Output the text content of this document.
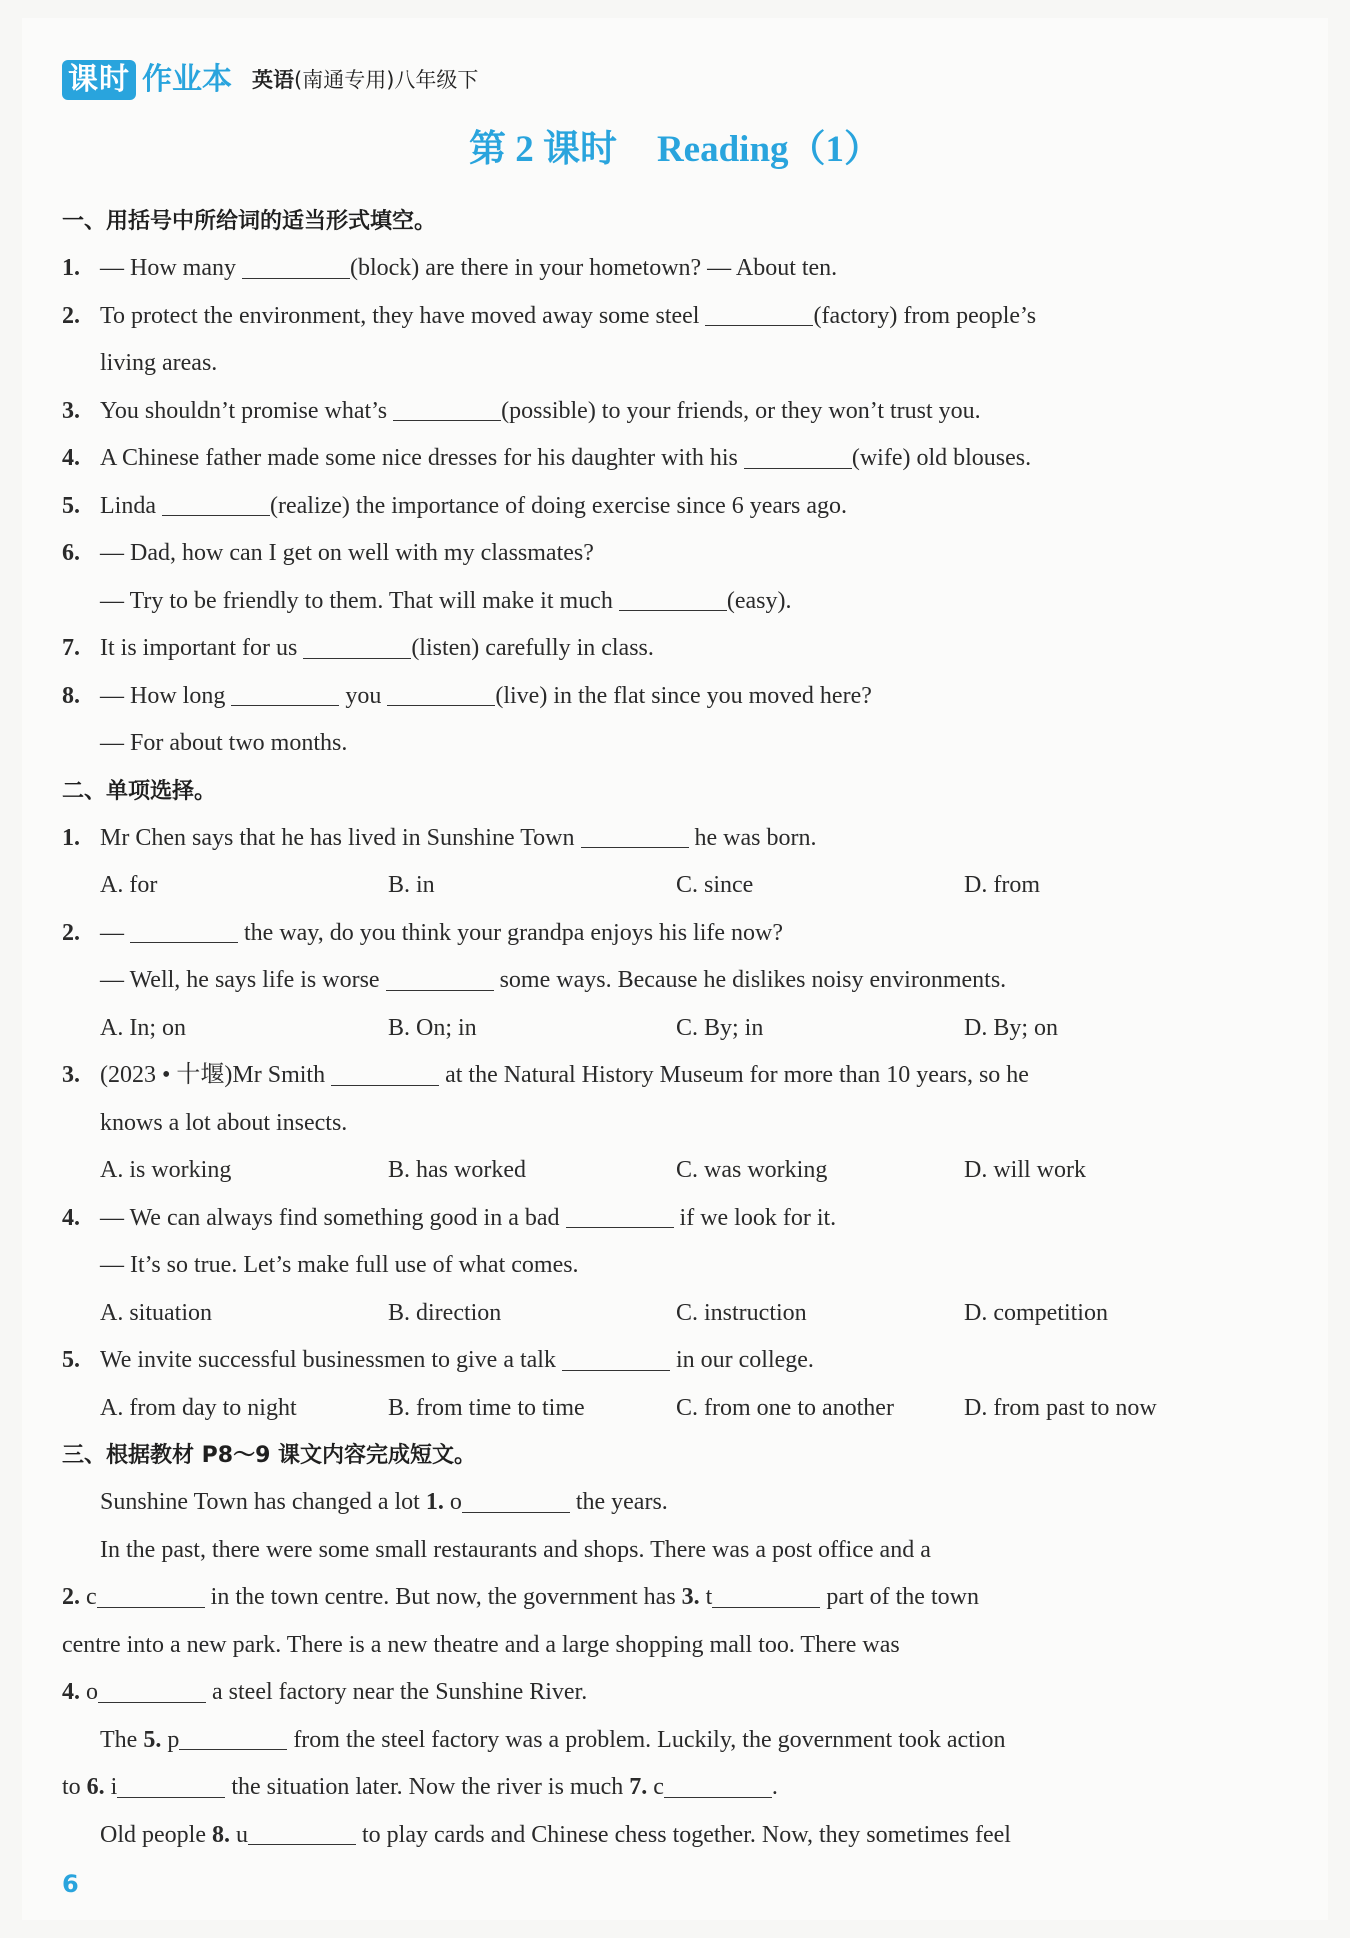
课时 作业本 英语(南通专用)八年级下
第 2 课时 Reading（1）
一、用括号中所给词的适当形式填空。
1. — How many	(block) are there in your hometown? — About ten.
2. To protect the environment, they have moved away some steel	(factory) from people’s
living areas.
3. You shouldn’t promise what’s	(possible) to your friends, or they won’t trust you.
4. A Chinese father made some nice dresses for his daughter with his	(wife) old blouses.
5. Linda	(realize) the importance of doing exercise since 6 years ago.
6. — Dad, how can I get on well with my classmates?
— Try to be friendly to them. That will make it much	(easy).
7. It is important for us	(listen) carefully in class.
8. — How long	you	(live) in the flat since you moved here?
— For about two months.
二、单项选择。
1. Mr Chen says that he has lived in Sunshine Town	he was born.
A. for	B. in	C. since	D. from
2. —	the way, do you think your grandpa enjoys his life now?
— Well, he says life is worse	some ways. Because he dislikes noisy environments.
A. In; on	B. On; in	C. By; in	D. By; on
3. (2023 • 十堰)Mr Smith	at the Natural History Museum for more than 10 years, so he
knows a lot about insects.
A. is working	B. has worked	C. was working	D. will work
4. — We can always find something good in a bad	if we look for it.
— It’s so true. Let’s make full use of what comes.
A. situation	B. direction	C. instruction	D. competition
5. We invite successful businessmen to give a talk	in our college.
A. from day to night	B. from time to time	C. from one to another	D. from past to now
三、根据教材 P8～9 课文内容完成短文。
Sunshine Town has changed a lot 1. o	the years.
In the past, there were some small restaurants and shops. There was a post office and a
2. c	in the town centre. But now, the government has 3. t	part of the town
centre into a new park. There is a new theatre and a large shopping mall too. There was
4. o	a steel factory near the Sunshine River.
The 5. p	from the steel factory was a problem. Luckily, the government took action
to 6. i	the situation later. Now the river is much 7. c	.
Old people 8. u	to play cards and Chinese chess together. Now, they sometimes feel
6
